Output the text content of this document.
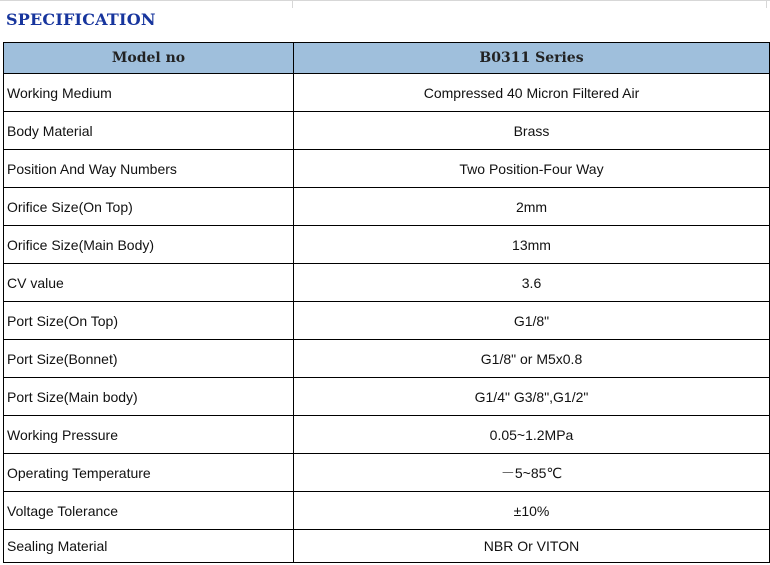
SPECIFICATION
Model no	B0311 Series
Working Medium	Compressed 40 Micron Filtered Air
Body Material	Brass
Position And Way Numbers	Two Position-Four Way
Orifice Size(On Top)	2mm
Orifice Size(Main Body)	13mm
CV value	3.6
Port Size(On Top)	G1/8"
Port Size(Bonnet)	G1/8" or M5x0.8
Port Size(Main body)	G1/4" G3/8",G1/2"
Working Pressure	0.05~1.2MPa
Operating Temperature	－5~85℃
Voltage Tolerance	±10%
Sealing Material	NBR Or VITON
